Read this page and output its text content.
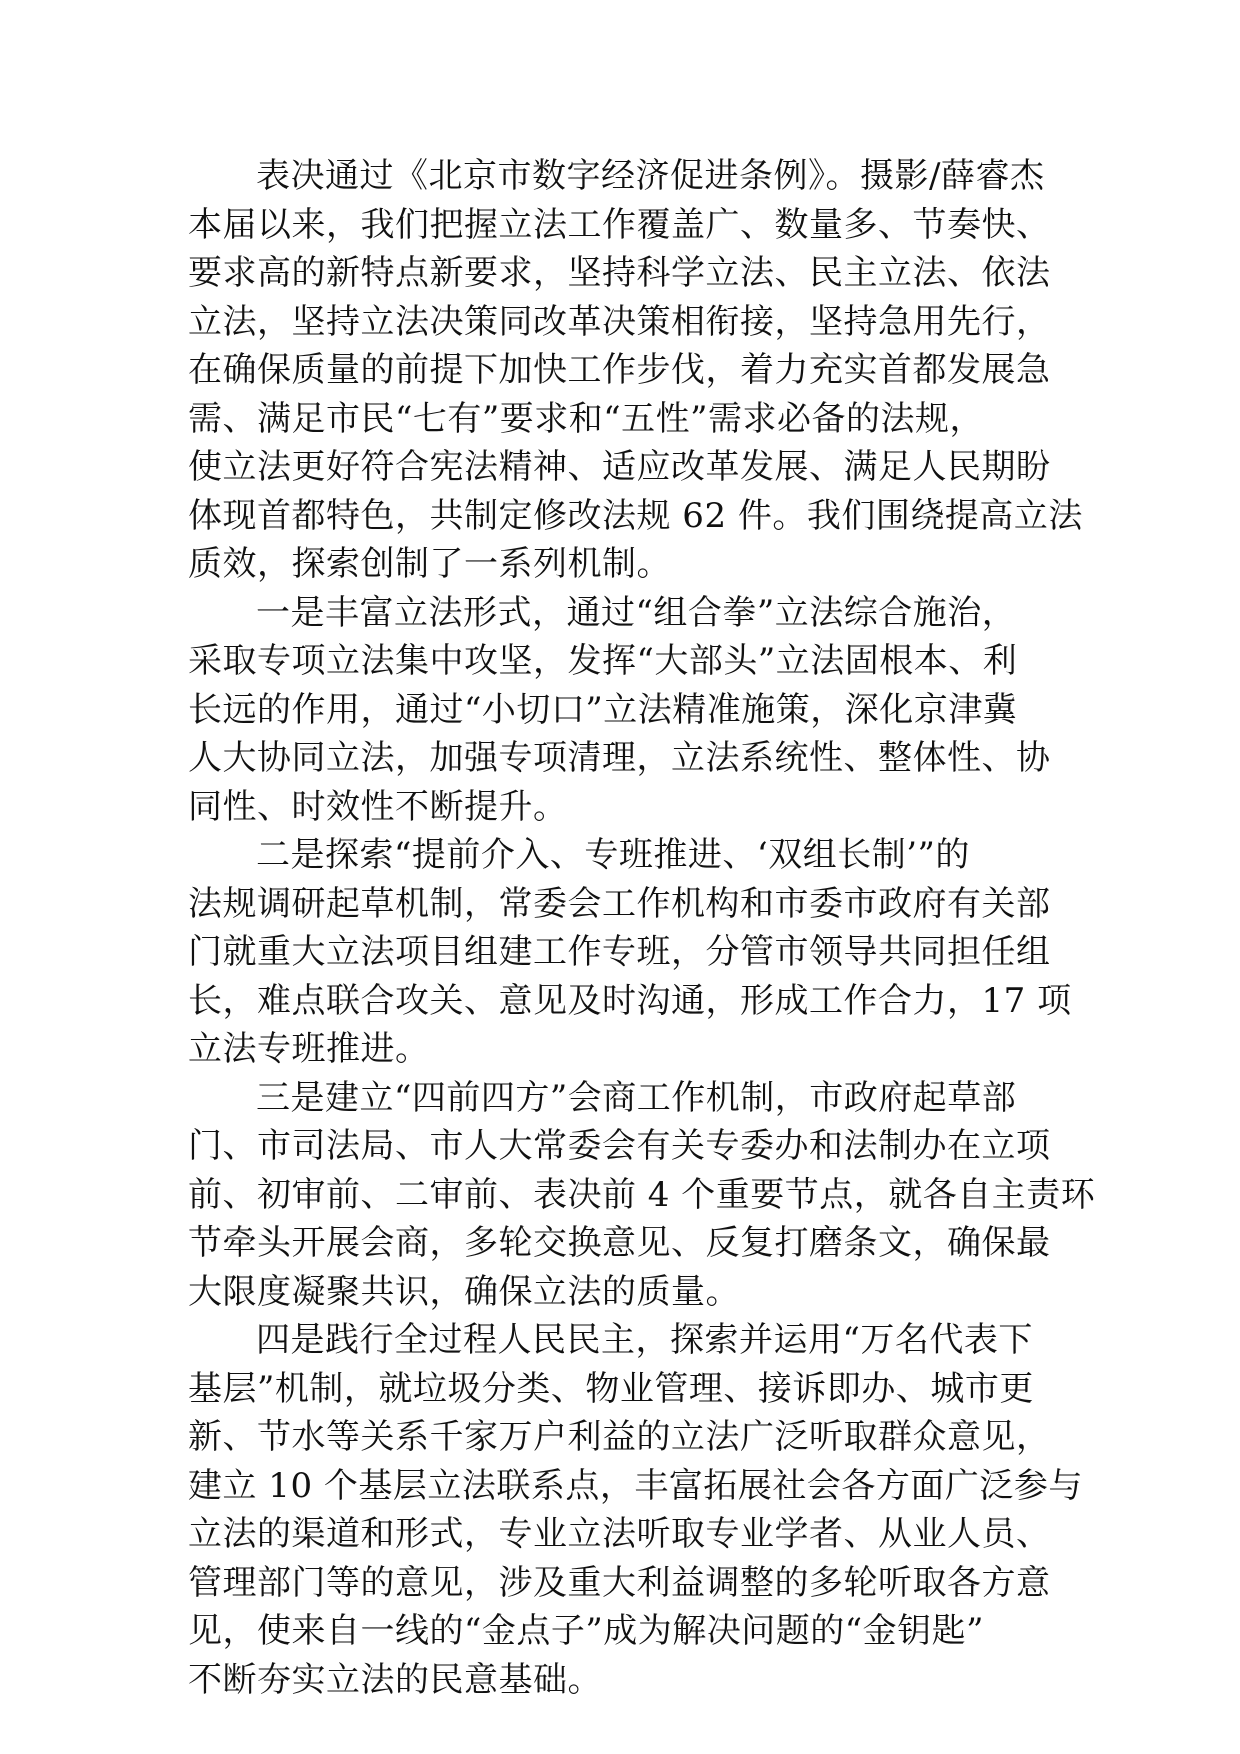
表决通过《北京市数字经济促进条例》。摄影/薛睿杰

本届以来，我们把握立法工作覆盖广、数量多、节奏快、
要求高的新特点新要求，坚持科学立法、民主立法、依法
立法，坚持立法决策同改革决策相衔接，坚持急用先行，
在确保质量的前提下加快工作步伐，着力充实首都发展急
需、满足市民“七有”要求和“五性”需求必备的法规，
使立法更好符合宪法精神、适应改革发展、满足人民期盼
体现首都特色，共制定修改法规 62 件。我们围绕提高立法
质效，探索创制了一系列机制。

一是丰富立法形式，通过“组合拳”立法综合施治，
采取专项立法集中攻坚，发挥“大部头”立法固根本、利
长远的作用，通过“小切口”立法精准施策，深化京津冀
人大协同立法，加强专项清理，立法系统性、整体性、协
同性、时效性不断提升。

二是探索“提前介入、专班推进、‘双组长制’”的
法规调研起草机制，常委会工作机构和市委市政府有关部
门就重大立法项目组建工作专班，分管市领导共同担任组
长，难点联合攻关、意见及时沟通，形成工作合力，17 项
立法专班推进。

三是建立“四前四方”会商工作机制，市政府起草部
门、市司法局、市人大常委会有关专委办和法制办在立项
前、初审前、二审前、表决前 4 个重要节点，就各自主责环
节牵头开展会商，多轮交换意见、反复打磨条文，确保最
大限度凝聚共识，确保立法的质量。

四是践行全过程人民民主，探索并运用“万名代表下
基层”机制，就垃圾分类、物业管理、接诉即办、城市更
新、节水等关系千家万户利益的立法广泛听取群众意见，
建立 10 个基层立法联系点，丰富拓展社会各方面广泛参与
立法的渠道和形式，专业立法听取专业学者、从业人员、
管理部门等的意见，涉及重大利益调整的多轮听取各方意
见，使来自一线的“金点子”成为解决问题的“金钥匙”
不断夯实立法的民意基础。
